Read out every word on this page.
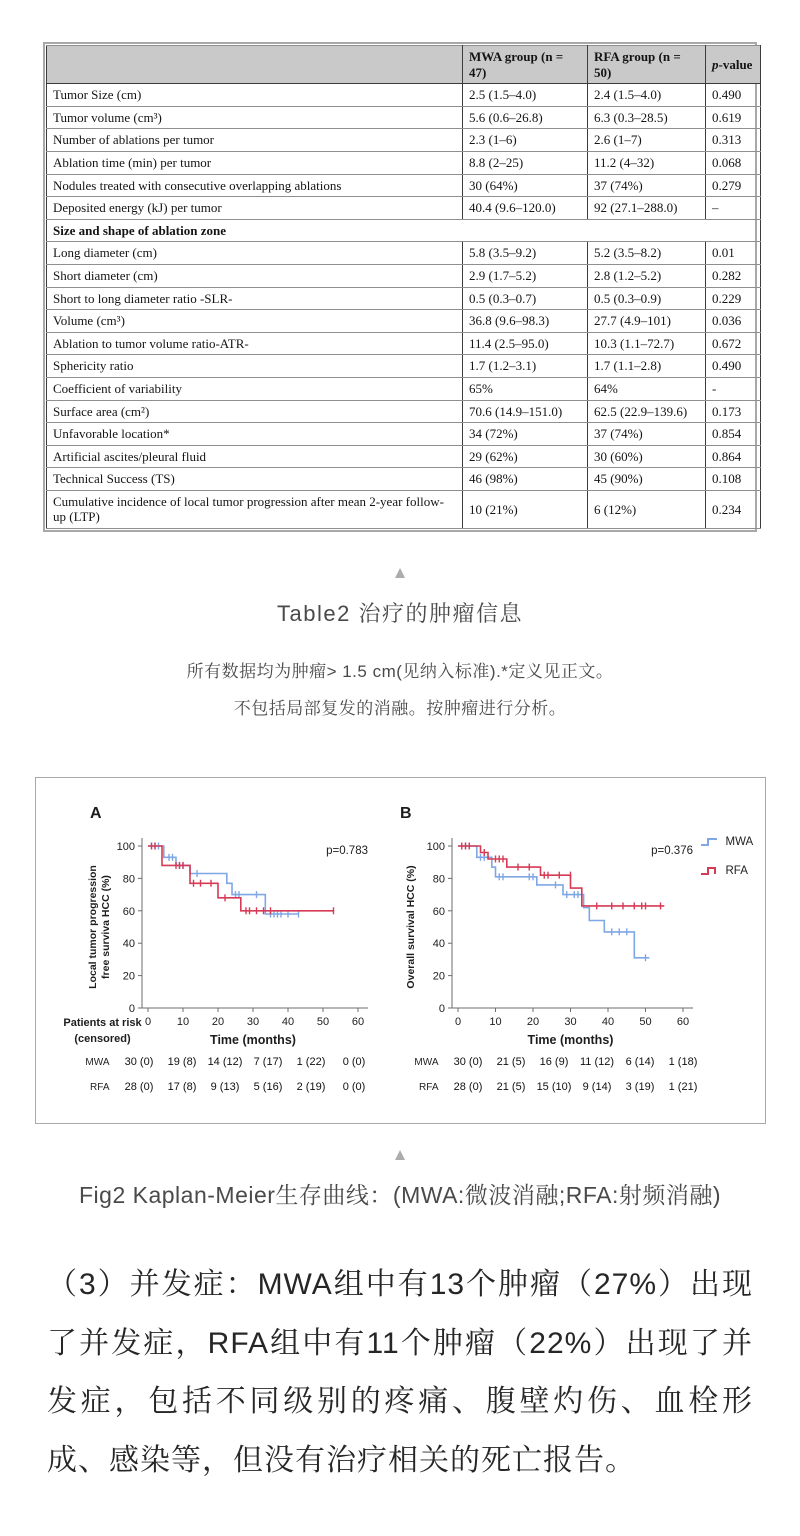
	MWA group (n = 47)	RFA group (n = 50)	p-value
Tumor Size (cm)	2.5 (1.5–4.0)	2.4 (1.5–4.0)	0.490
Tumor volume (cm³)	5.6 (0.6–26.8)	6.3 (0.3–28.5)	0.619
Number of ablations per tumor	2.3 (1–6)	2.6 (1–7)	0.313
Ablation time (min) per tumor	8.8 (2–25)	11.2 (4–32)	0.068
Nodules treated with consecutive overlapping ablations	30 (64%)	37 (74%)	0.279
Deposited energy (kJ) per tumor	40.4 (9.6–120.0)	92 (27.1–288.0)	–
Size and shape of ablation zone			
Long diameter (cm)	5.8 (3.5–9.2)	5.2 (3.5–8.2)	0.01
Short diameter (cm)	2.9 (1.7–5.2)	2.8 (1.2–5.2)	0.282
Short to long diameter ratio -SLR-	0.5 (0.3–0.7)	0.5 (0.3–0.9)	0.229
Volume (cm³)	36.8 (9.6–98.3)	27.7 (4.9–101)	0.036
Ablation to tumor volume ratio-ATR-	11.4 (2.5–95.0)	10.3 (1.1–72.7)	0.672
Sphericity ratio	1.7 (1.2–3.1)	1.7 (1.1–2.8)	0.490
Coefficient of variability	65%	64%	-
Surface area (cm²)	70.6 (14.9–151.0)	62.5 (22.9–139.6)	0.173
Unfavorable location*	34 (72%)	37 (74%)	0.854
Artificial ascites/pleural fluid	29 (62%)	30 (60%)	0.864
Technical Success (TS)	46 (98%)	45 (90%)	0.108
Cumulative incidence of local tumor progression after mean 2-year follow-up (LTP)	10 (21%)	6 (12%)	0.234
▲
Table2 治疗的肿瘤信息
所有数据均为肿瘤> 1.5 cm(见纳入标准).*定义见正文。
不包括局部复发的消融。按肿瘤进行分析。
A
0
20
40
60
80
100
0 10 20 30 40 50 60
Time (months)
Local tumor progression free surviva HCC (%)
p=0.783
B
0
20
40
60
80
100
0	10 20 30 40 50 60
Time (months)
Overall survival HCC (%)
p=0.376
MWA
RFA
Patients at risk
(censored)
MWA	30 (0)	19 (8)	14 (12)	7 (17)	1 (22)	0 (0)
RFA	28 (0)	17 (8)	9 (13)	5 (16)	2 (19)	0 (0)
MWA	30 (0)	21 (5)	16 (9)	11 (12)	6 (14)	1 (18)
RFA	28 (0)	21 (5)	15 (10)	9 (14)	3 (19)	1 (21)
▲
Fig2 Kaplan-Meier生存曲线：(MWA:微波消融;RFA:射频消融)
（3）并发症：MWA组中有13个肿瘤（27%）出现了并发症，RFA组中有11个肿瘤（22%）出现了并发症，包括不同级别的疼痛、腹壁灼伤、血栓形成、感染等，但没有治疗相关的死亡报告。
